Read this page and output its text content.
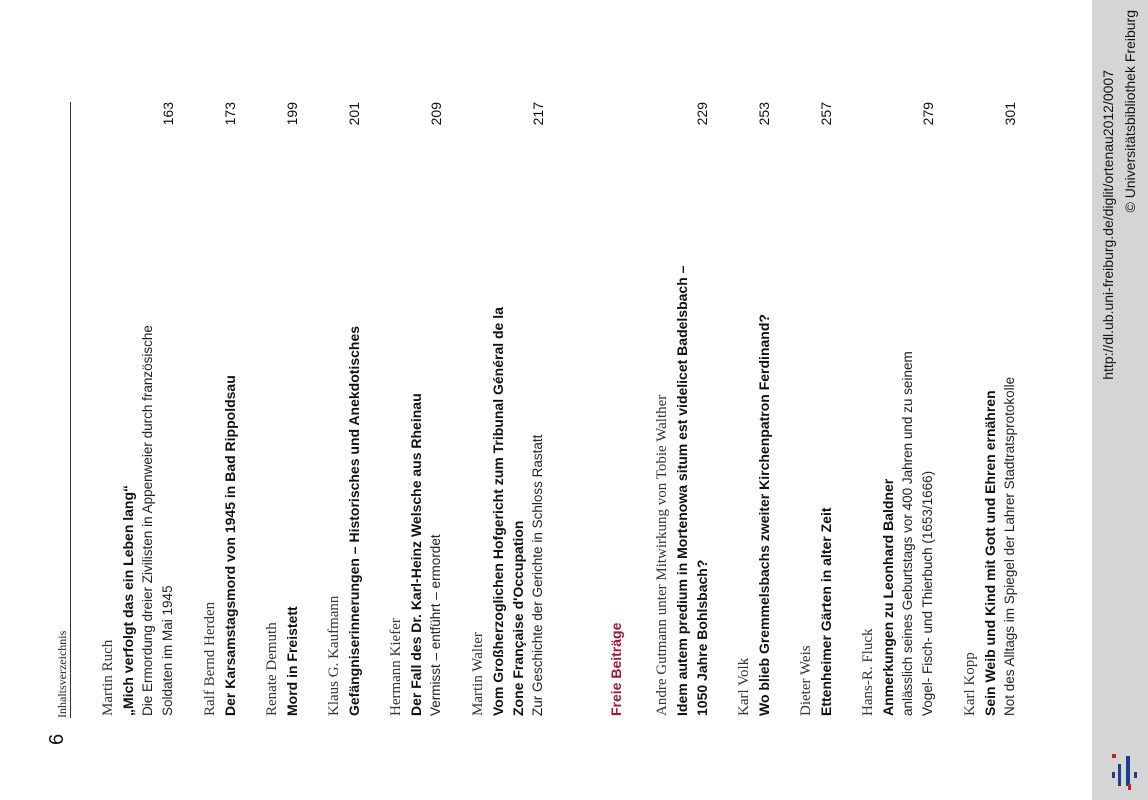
6
Inhaltsverzeichnis Martin Ruch „Mich verfolgt das ein Leben lang“ Die Ermordung dreier Zivilisten in Appenweier durch französische Soldaten im Mai 1945
163
Ralf Bernd Herden Der Karsamstagsmord von 1945 in Bad Rippoldsau
173
Renate Demuth Mord in Freistett
199
Klaus G. Kaufmann Gefängniserinnerungen – Historisches und Anekdotisches
201
Hermann Kiefer Der Fall des Dr. Karl-Heinz Welsche aus Rheinau Vermisst – entführt – ermordet
209
Martin Walter Vom Großherzoglichen Hofgericht zum Tribunal Général de la Zone Française d'Occupation Zur Geschichte der Gerichte in Schloss Rastatt
217
Freie Beiträge Andre Gutmann unter Mitwirkung von Tobie Walther Idem autem predium in Mortenowa situm est videlicet Badelsbach – 1050 Jahre Bohlsbach?
229
Karl Volk Wo blieb Gremmelsbachs zweiter Kirchenpatron Ferdinand?
253
Dieter Weis Ettenheimer Gärten in alter Zeit
257
Hans-R. Fluck Anmerkungen zu Leonhard Baldner anlässlich seines Geburtstags vor 400 Jahren und zu seinem Vogel- Fisch- und Thierbuch (1653/1666)
279
Karl Kopp Sein Weib und Kind mit Gott und Ehren ernähren Not des Alltags im Spiegel der Lahrer Stadtratsprotokolle
301	http://dl.ub.uni-freiburg.de/diglit/ortenau2012/0007 © Universitätsbibliothek Freiburg
